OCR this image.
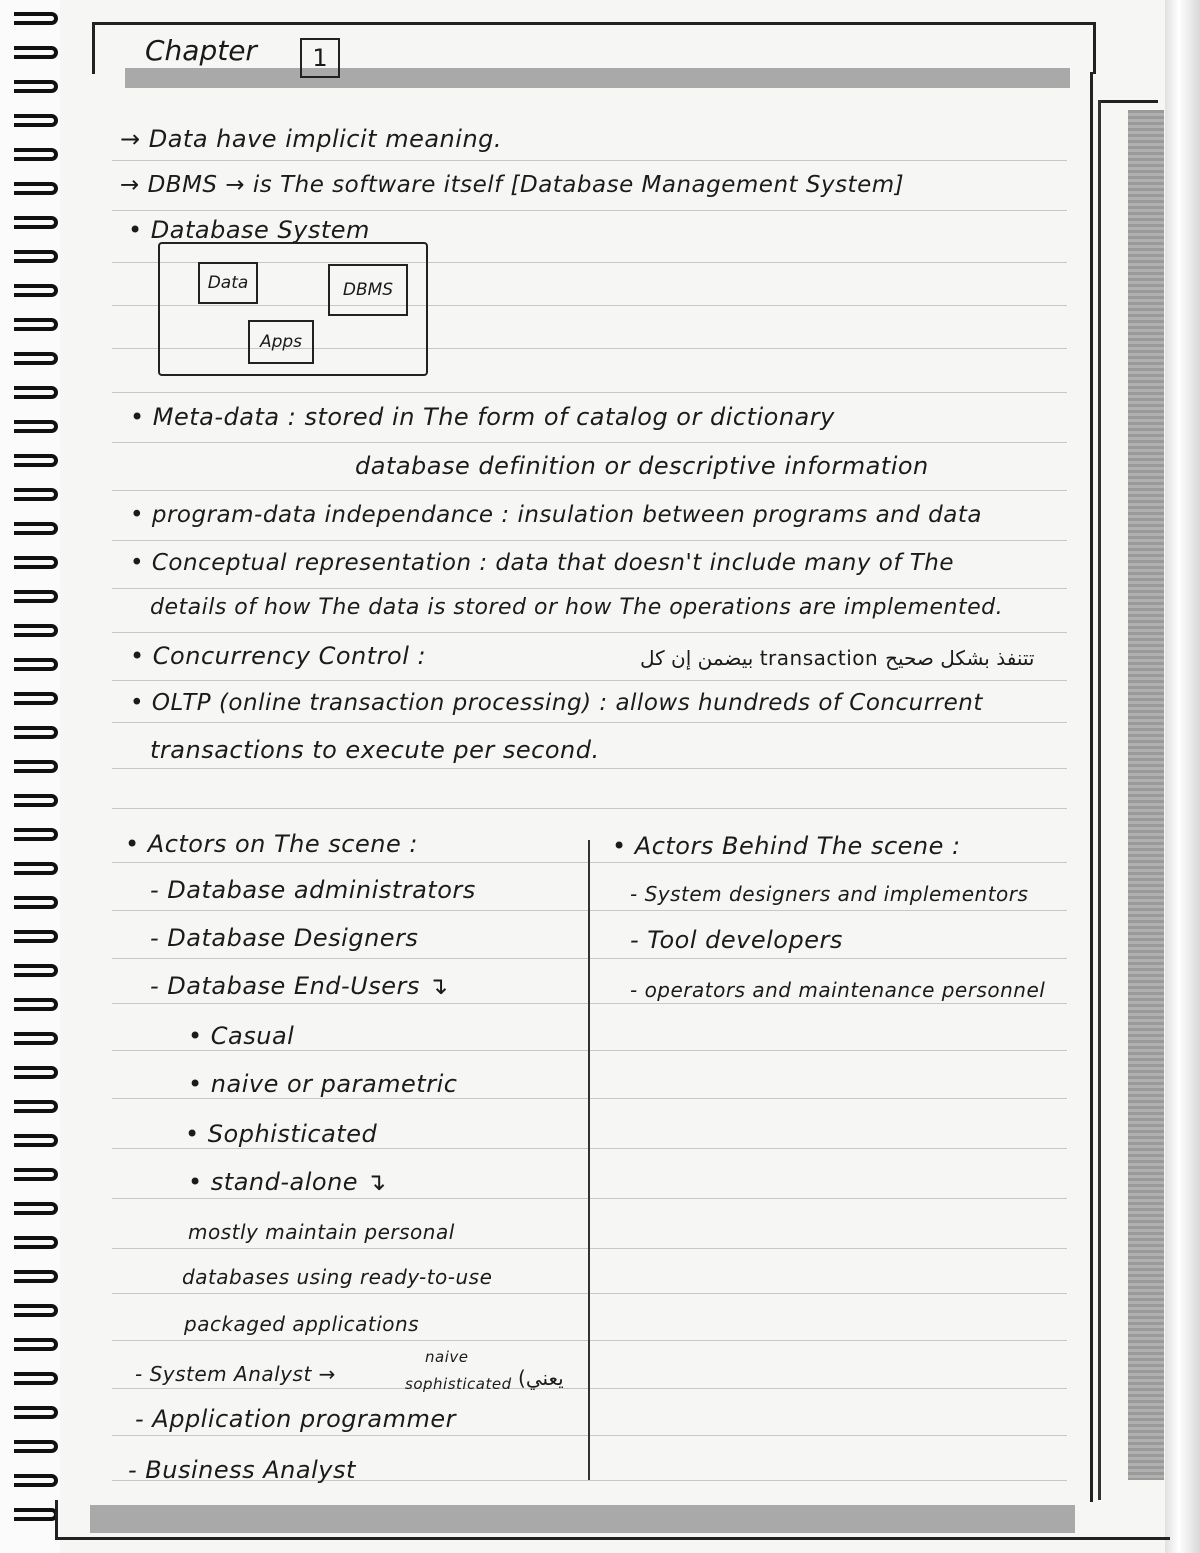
Chapter	1
→ Data have implicit meaning.
→ DBMS → is The software itself [Database Management System]
• Database System
Data	DBMS
Apps
• Meta-data : stored in The form of catalog or dictionary
database definition or descriptive information
• program-data independance : insulation between programs and data
• Conceptual representation : data that doesn't include many of The
details of how The data is stored or how The operations are implemented.
• Concurrency Control :	بيضمن إن كل transaction تتنفذ بشكل صحيح
• OLTP (online transaction processing) : allows hundreds of Concurrent
transactions to execute per second.
• Actors on The scene :
- Database administrators
- Database Designers
- Database End-Users ↴
• Casual
• naive or parametric
• Sophisticated
• stand-alone ↴
mostly maintain personal
databases using ready-to-use
packaged applications
- System Analyst →
naive
sophisticated (يعني
- Application programmer
- Business Analyst
• Actors Behind The scene :
- System designers and implementors
- Tool developers
- operators and maintenance personnel
